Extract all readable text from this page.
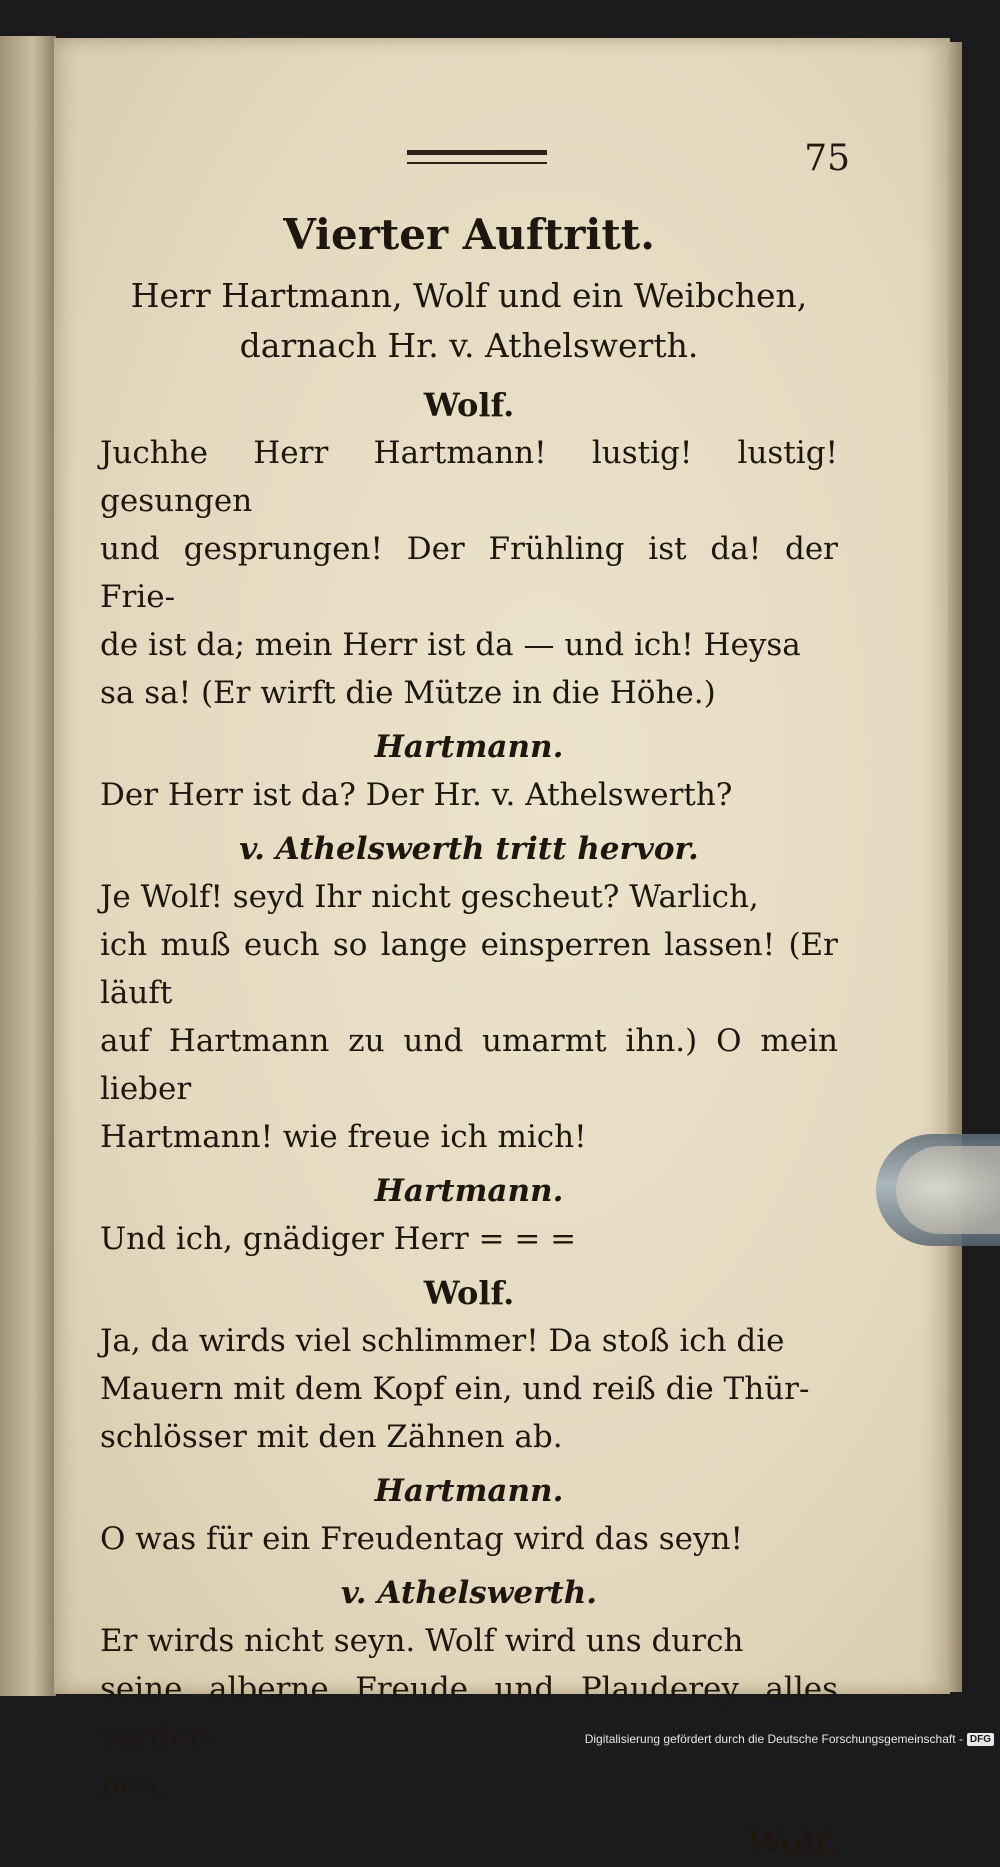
75
Vierter Auftritt.
Herr Hartmann, Wolf und ein Weibchen,
darnach Hr. v. Athelswerth.
Wolf.
Juchhe Herr Hartmann! lustig! lustig! gesungen
und gesprungen! Der Frühling ist da! der Frie-
de ist da; mein Herr ist da — und ich! Heysa
sa sa! (Er wirft die Mütze in die Höhe.)
Hartmann.
Der Herr ist da? Der Hr. v. Athelswerth?
v. Athelswerth tritt hervor.
Je Wolf! seyd Ihr nicht gescheut? Warlich,
ich muß euch so lange einsperren lassen! (Er läuft
auf Hartmann zu und umarmt ihn.) O mein lieber
Hartmann! wie freue ich mich!
Hartmann.
Und ich, gnädiger Herr = = =
Wolf.
Ja, da wirds viel schlimmer! Da stoß ich die
Mauern mit dem Kopf ein, und reiß die Thür-
schlösser mit den Zähnen ab.
Hartmann.
O was für ein Freudentag wird das seyn!
v. Athelswerth.
Er wirds nicht seyn. Wolf wird uns durch
seine alberne Freude und Plauderey alles verder-
ben.
Wolf.
Digitalisierung gefördert durch die Deutsche Forschungsgemeinschaft - DFG
